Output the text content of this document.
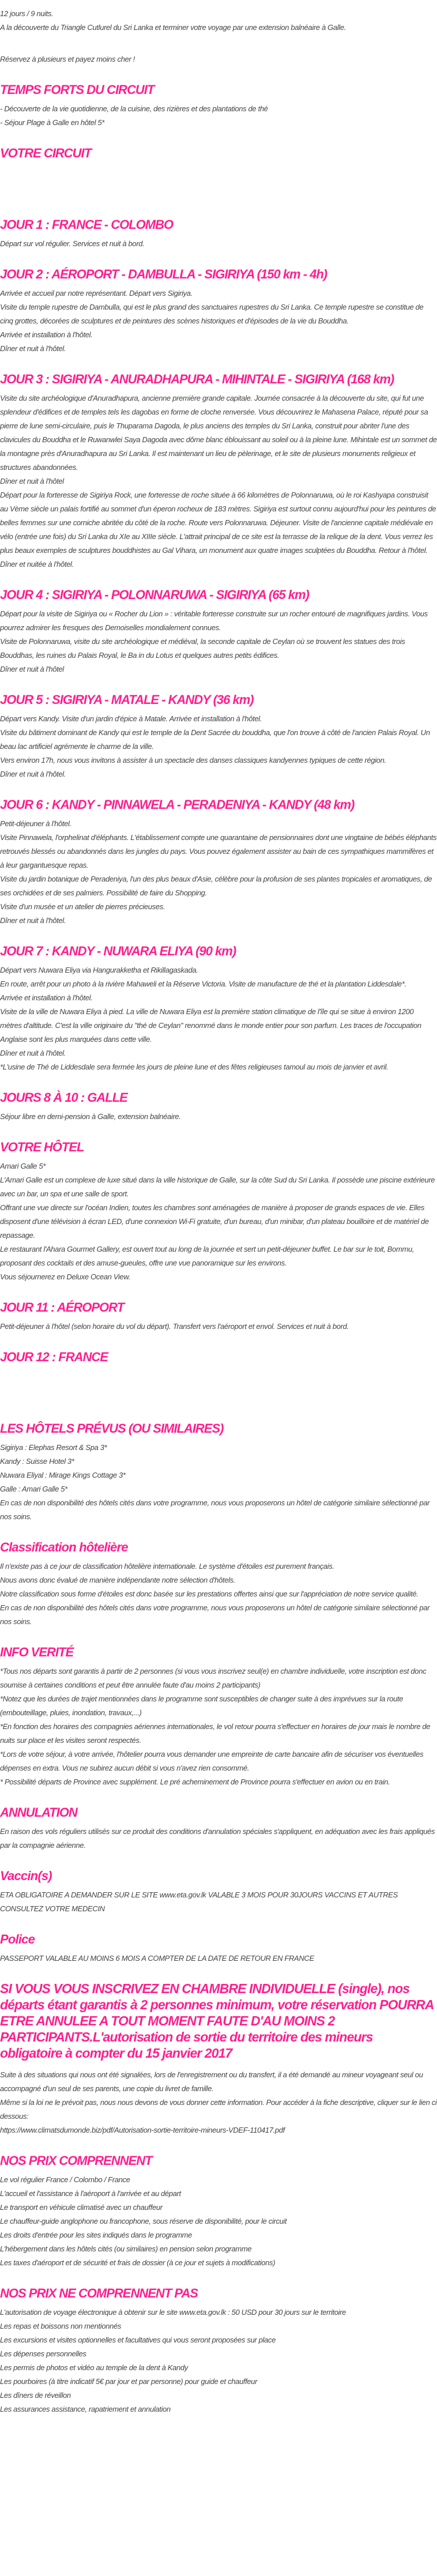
12 jours / 9 nuits.

A la découverte du Triangle Cutlurel du Sri Lanka et terminer votre voyage par une extension balnéaire à Galle.

Réservez à plusieurs et payez moins cher !

TEMPS FORTS DU CIRCUIT

- Découverte de la vie quotidienne, de la cuisine, des rizières et des plantations de thé

- Séjour Plage à Galle en hôtel 5*

VOTRE CIRCUIT
JOUR 1 : FRANCE - COLOMBO

Départ sur vol régulier. Services et nuit à bord.

JOUR 2 : AÉROPORT - DAMBULLA - SIGIRIYA (150 km - 4h)

Arrivée et accueil par notre représentant. Départ vers Sigiriya.

Visite du temple rupestre de Dambulla, qui est le plus grand des sanctuaires rupestres du Sri Lanka. Ce temple rupestre se constitue de cinq grottes, décorées de sculptures et de peintures des scènes historiques et d'épisodes de la vie du Bouddha.

Arrivée et installation à l'hôtel.

Dîner et nuit à l'hôtel.

JOUR 3 : SIGIRIYA - ANURADHAPURA - MIHINTALE - SIGIRIYA (168 km)

Visite du site archéologique d'Anuradhapura, ancienne première grande capitale. Journée consacrée à la découverte du site, qui fut une splendeur d'édifices et de temples tels les dagobas en forme de cloche renversée. Vous découvrirez le Mahasena Palace, réputé pour sa pierre de lune semi-circulaire, puis le Thuparama Dagoda, le plus anciens des temples du Sri Lanka, construit pour abriter l'une des clavicules du Bouddha et le Ruwanwlei Saya Dagoda avec dôme blanc éblouissant au soleil ou à la pleine lune. Mihintale est un sommet de la montagne près d'Anuradhapura au Sri Lanka. Il est maintenant un lieu de pèlerinage, et le site de plusieurs monuments religieux et structures abandonnées.

Dîner et nuit à l'hôtel

Départ pour la forteresse de Sigiriya Rock, une forteresse de roche située à 66 kilomètres de Polonnaruwa, où le roi Kashyapa construisit au Vème siècle un palais fortifié au sommet d'un éperon rocheux de 183 mètres. Sigiriya est surtout connu aujourd'hui pour les peintures de belles femmes sur une corniche abritée du côté de la roche. Route vers Polonnaruwa. Déjeuner. Visite de l'ancienne capitale médiévale en vélo (entrée une fois) du Sri Lanka du XIe au XIIIe siècle. L'attrait principal de ce site est la terrasse de la relique de la dent. Vous verrez les plus beaux exemples de sculptures bouddhistes au Gal Vihara, un monument aux quatre images sculptées du Bouddha. Retour à l'hôtel. Dîner et nuitée à l'hôtel.

JOUR 4 : SIGIRIYA - POLONNARUWA - SIGIRIYA (65 km)

Départ pour la visite de Sigiriya ou « Rocher du Lion » : véritable forteresse construite sur un rocher entouré de magnifiques jardins. Vous pourrez admirer les fresques des Demoiselles mondialement connues.

Visite de Polonnaruwa, visite du site archéologique et médiéval, la seconde capitale de Ceylan où se trouvent les statues des trois Bouddhas, les ruines du Palais Royal, le Ba in du Lotus et quelques autres petits édifices.

Dîner et nuit à l'hôtel

JOUR 5 : SIGIRIYA - MATALE - KANDY (36 km)

Départ vers Kandy. Visite d'un jardin d'épice à Matale. Arrivée et installation à l'hôtel.

Visite du bâtiment dominant de Kandy qui est le temple de la Dent Sacrée du bouddha, que l'on trouve à côté de l'ancien Palais Royal. Un beau lac artificiel agrémente le charme de la ville.

Vers environ 17h, nous vous invitons à assister à un spectacle des danses classiques kandyennes typiques de cette région.

Dîner et nuit à l'hôtel.

JOUR 6 : KANDY - PINNAWELA - PERADENIYA - KANDY (48 km)

Petit-déjeuner à l'hôtel.

Visite Pinnawela, l'orphelinat d'éléphants. L'établissement compte une quarantaine de pensionnaires dont une vingtaine de bébés éléphants retrouvés blessés ou abandonnés dans les jungles du pays. Vous pouvez également assister au bain de ces sympathiques mammifères et à leur gargantuesque repas.

Visite du jardin botanique de Peradeniya, l'un des plus beaux d'Asie, célèbre pour la profusion de ses plantes tropicales et aromatiques, de ses orchidées et de ses palmiers. Possibilité de faire du Shopping.

Visite d'un musée et un atelier de pierres précieuses.

Dîner et nuit à l'hôtel.

JOUR 7 : KANDY - NUWARA ELIYA (90 km)

Départ vers Nuwara Eliya via Hangurakketha et Rikillagaskada.

En route, arrêt pour un photo à la rivière Mahaweli et la Réserve Victoria. Visite de manufacture de thé et la plantation Liddesdale*.

Arrivée et installation à l'hôtel.

Visite de la ville de Nuwara Eliya à pied. La ville de Nuwara Eliya est la première station climatique de l'île qui se situe à environ 1200 mètres d'altitude. C'est la ville originaire du "thé de Ceylan" renommé dans le monde entier pour son parfum. Les traces de l'occupation Anglaise sont les plus marquées dans cette ville.

Dîner et nuit à l'hôtel.

*L'usine de Thé de Liddesdale sera fermée les jours de pleine lune et des fêtes religieuses tamoul au mois de janvier et avril.

JOURS 8 À 10 : GALLE

Séjour libre en demi-pension à Galle, extension balnéaire.

VOTRE HÔTEL

Amari Galle 5*

L'Amari Galle est un complexe de luxe situé dans la ville historique de Galle, sur la côte Sud du Sri Lanka. Il possède une piscine extérieure avec un bar, un spa et une salle de sport.

Offrant une vue directe sur l'océan Indien, toutes les chambres sont aménagées de manière à proposer de grands espaces de vie. Elles disposent d'une télévision à écran LED, d'une connexion Wi-Fi gratuite, d'un bureau, d'un minibar, d'un plateau bouilloire et de matériel de repassage.

Le restaurant l'Ahara Gourmet Gallery, est ouvert tout au long de la journée et sert un petit-déjeuner buffet. Le bar sur le toit, Bommu, proposant des cocktails et des amuse-gueules, offre une vue panoramique sur les environs.

Vous séjournerez en Deluxe Ocean View.

JOUR 11 : AÉROPORT

Petit-déjeuner à l'hôtel (selon horaire du vol du départ). Transfert vers l'aéroport et envol. Services et nuit à bord.

JOUR 12 : FRANCE
LES HÔTELS PRÉVUS (OU SIMILAIRES)

Sigiriya : Elephas Resort & Spa 3*

Kandy : Suisse Hotel 3*

Nuwara Eliyal : Mirage Kings Cottage 3*

Galle : Amari Galle 5*

En cas de non disponibilité des hôtels cités dans votre programme, nous vous proposerons un hôtel de catégorie similaire sélectionné par nos soins.

Classification hôtelière

Il n'existe pas à ce jour de classification hôtelière internationale. Le système d'étoiles est purement français.

Nous avons donc évalué de manière indépendante notre sélection d'hôtels.

Notre classification sous forme d'étoiles est donc basée sur les prestations offertes ainsi que sur l'appréciation de notre service qualité.

En cas de non disponibilité des hôtels cités dans votre programme, nous vous proposerons un hôtel de catégorie similaire sélectionné par nos soins.

INFO VERITÉ

*Tous nos départs sont garantis à partir de 2 personnes (si vous vous inscrivez seul(e) en chambre individuelle, votre inscription est donc soumise à certaines conditions et peut être annulée faute d'au moins 2 participants)

*Notez que les durées de trajet mentionnées dans le programme sont susceptibles de changer suite à des imprévues sur la route (embouteillage, pluies, inondation, travaux,...)

*En fonction des horaires des compagnies aériennes internationales, le vol retour pourra s'effectuer en horaires de jour mais le nombre de nuits sur place et les visites seront respectés.

*Lors de votre séjour, à votre arrivée, l'hôtelier pourra vous demander une empreinte de carte bancaire afin de sécuriser vos éventuelles dépenses en extra. Vous ne subirez aucun débit si vous n'avez rien consommé.

* Possibilité départs de Province avec supplément. Le pré acheminement de Province pourra s'effectuer en avion ou en train.

ANNULATION

En raison des vols réguliers utilisés sur ce produit des conditions d'annulation spéciales s'appliquent, en adéquation avec les frais appliqués par la compagnie aérienne.

Vaccin(s)

ETA OBLIGATOIRE A DEMANDER SUR LE SITE www.eta.gov.lk VALABLE 3 MOIS POUR 30JOURS VACCINS ET AUTRES CONSULTEZ VOTRE MEDECIN

Police

PASSEPORT VALABLE AU MOINS 6 MOIS A COMPTER DE LA DATE DE RETOUR EN FRANCE

SI VOUS VOUS INSCRIVEZ EN CHAMBRE INDIVIDUELLE (single), nos départs étant garantis à 2 personnes minimum, votre réservation POURRA ETRE ANNULEE A TOUT MOMENT FAUTE D'AU MOINS 2 PARTICIPANTS.L'autorisation de sortie du territoire des mineurs obligatoire à compter du 15 janvier 2017

Suite à des situations qui nous ont été signalées, lors de l'enregistrement ou du transfert, il a été demandé au mineur voyageant seul ou accompagné d'un seul de ses parents, une copie du livret de famille.

Même si la loi ne le prévoit pas, nous nous devons de vous donner cette information. Pour accéder à la fiche descriptive, cliquer sur le lien ci dessous:

https://www.climatsdumonde.biz/pdf/Autorisation-sortie-territoire-mineurs-VDEF-110417.pdf
NOS PRIX COMPRENNENT

Le vol régulier France / Colombo / France

L'accueil et l'assistance à l'aéroport à l'arrivée et au départ

Le transport en véhicule climatisé avec un chauffeur

Le chauffeur-guide anglophone ou francophone, sous réserve de disponibilité, pour le circuit

Les droits d'entrée pour les sites indiqués dans le programme

L'hébergement dans les hôtels cités (ou similaires) en pension selon programme

Les taxes d'aéroport et de sécurité et frais de dossier (à ce jour et sujets à modifications)

NOS PRIX NE COMPRENNENT PAS

L'autorisation de voyage électronique à obtenir sur le site www.eta.gov.lk : 50 USD pour 30 jours sur le territoire

Les repas et boissons non mentionnés

Les excursions et visites optionnelles et facultatives qui vous seront proposées sur place

Les dépenses personnelles

Les permis de photos et vidéo au temple de la dent à Kandy

Les pourboires (à titre indicatif 5€ par jour et par personne) pour guide et chauffeur

Les dîners de réveillon

Les assurances assistance, rapatriement et annulation
